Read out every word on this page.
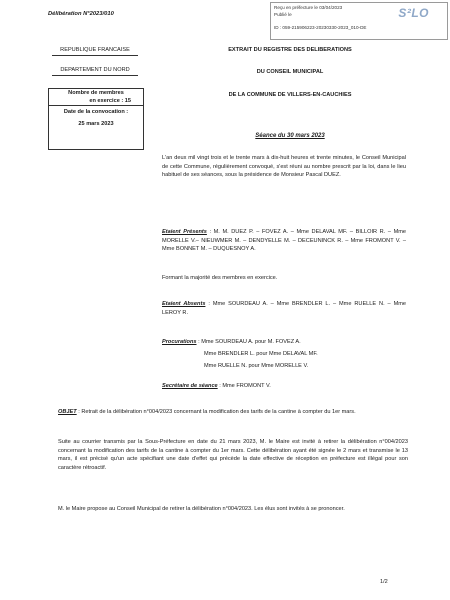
Délibération N°2023/010
Reçu en préfecture le 03/04/2023
Publié le
ID : 059-215906223-20230330-2023_010-DE
S²LO
REPUBLIQUE FRANCAISE
DEPARTEMENT DU NORD
Nombre de membres
en exercice : 15
Date de la convocation :
25 mars 2023
EXTRAIT DU REGISTRE DES DELIBERATIONS
DU CONSEIL MUNICIPAL
DE LA COMMUNE DE VILLERS-EN-CAUCHIES
Séance du 30 mars 2023

L'an deux mil vingt trois et le trente mars à dix-huit heures et trente minutes, le Conseil Municipal de cette Commune, régulièrement convoqué, s'est réuni au nombre prescrit par la loi, dans le lieu habituel de ses séances, sous la présidence de Monsieur Pascal DUEZ.

Etaient Présents : M. M. DUEZ P. – FOVEZ A. – Mme DELAVAL MF. – BILLOIR R. – Mme MORELLE V.– NIEUWMER M. – DENDYELLE M. – DECEUNINCK R. – Mme FROMONT V. – Mme BONNET M. – DUQUESNOY A.

Formant la majorité des membres en exercice.

Etaient Absents : Mme SOURDEAU A. – Mme BRENDLER L. – Mme RUELLE N. – Mme LEROY R.

Procurations : Mme SOURDEAU A. pour M. FOVEZ A.

Mme BRENDLER L. pour Mme DELAVAL MF.

Mme RUELLE N. pour Mme MORELLE V.

Secrétaire de séance : Mme FROMONT V.

OBJET : Retrait de la délibération n°004/2023 concernant la modification des tarifs de la cantine à compter du 1er mars.

Suite au courrier transmis par la Sous-Préfecture en date du 21 mars 2023, M. le Maire est invité à retirer la délibération n°004/2023 concernant la modification des tarifs de la cantine à compter du 1er mars. Cette délibération ayant été signée le 2 mars et transmise le 13 mars, il est précisé qu'un acte spécifiant une date d'effet qui précède la date effective de réception en préfecture est illégal pour son caractère rétroactif.

M. le Maire propose au Conseil Municipal de retirer la délibération n°004/2023. Les élus sont invités à se prononcer.

1/2
